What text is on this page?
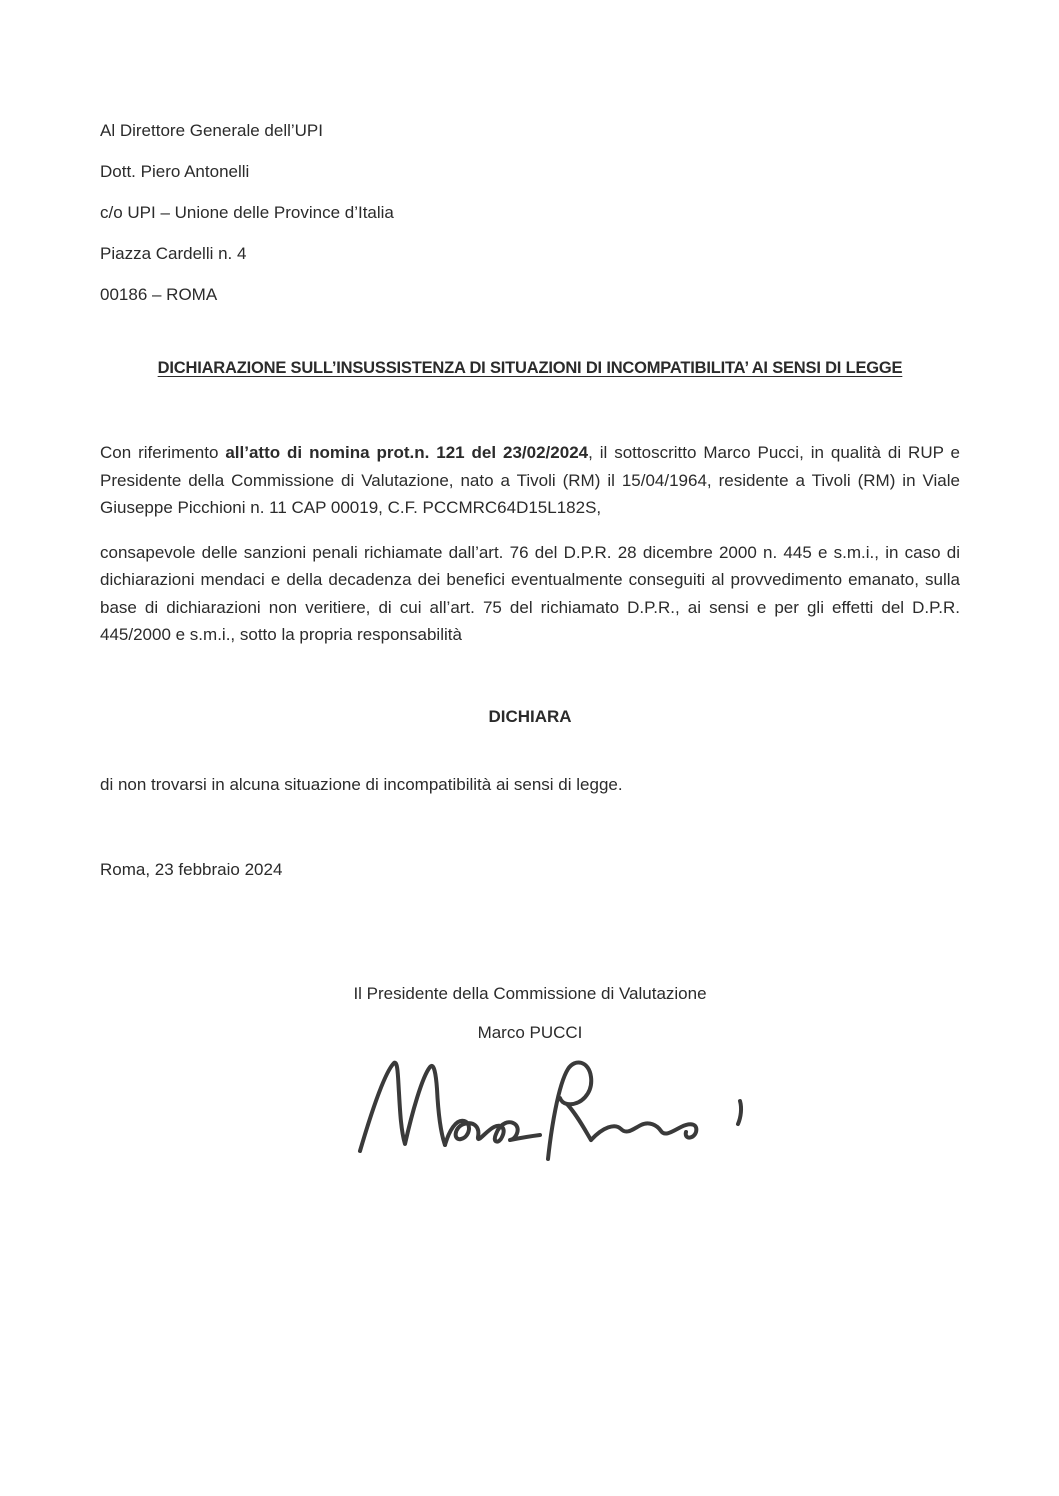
Al Direttore Generale dell’UPI

Dott. Piero Antonelli

c/o UPI – Unione delle Province d’Italia

Piazza Cardelli n. 4

00186 – ROMA

DICHIARAZIONE SULL’INSUSSISTENZA DI SITUAZIONI DI INCOMPATIBILITA’ AI SENSI DI LEGGE

Con riferimento all’atto di nomina prot.n. 121 del 23/02/2024, il sottoscritto Marco Pucci, in qualità di RUP e Presidente della Commissione di Valutazione, nato a Tivoli (RM) il 15/04/1964, residente a Tivoli (RM) in Viale Giuseppe Picchioni n. 11 CAP 00019, C.F. PCCMRC64D15L182S,

consapevole delle sanzioni penali richiamate dall’art. 76 del D.P.R. 28 dicembre 2000 n. 445 e s.m.i., in caso di dichiarazioni mendaci e della decadenza dei benefici eventualmente conseguiti al provvedimento emanato, sulla base di dichiarazioni non veritiere, di cui all’art. 75 del richiamato D.P.R., ai sensi e per gli effetti del D.P.R. 445/2000 e s.m.i., sotto la propria responsabilità

DICHIARA

di non trovarsi in alcuna situazione di incompatibilità ai sensi di legge.

Roma, 23 febbraio 2024

Il Presidente della Commissione di Valutazione

Marco PUCCI
